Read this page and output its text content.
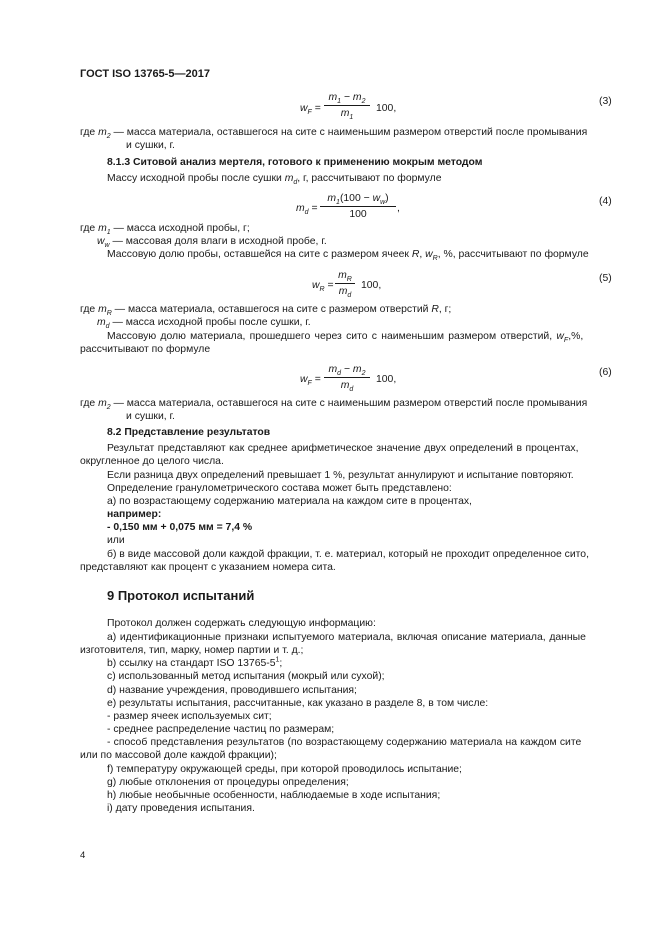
ГОСТ ISO 13765-5—2017
$w_F = \frac{m_1 - m_2}{m_1} 100$,
(3)
где $m_2$ — масса материала, оставшегося на сите с наименьшим размером отверстий после промывания
и сушки, г.
8.1.3 Ситовой анализ мертеля, готового к применению мокрым методом
Массу исходной пробы после сушки $m_d$, г, рассчитывают по формуле
$m_d = \frac{m_1(100 - w_w)}{100}$ ,
(4)
где $m_1$ — масса исходной пробы, г;
$w_w$ — массовая доля влаги в исходной пробе, г.
Массовую долю пробы, оставшейся на сите с размером ячеек R, $w_R$, %, рассчитывают по формуле
$w_R = \frac{m_R}{m_d} 100$,
(5)
где $m_R$ — масса материала, оставшегося на сите с размером отверстий R, г;
$m_d$ — масса исходной пробы после сушки, г.
Массовую долю материала, прошедшего через сито с наименьшим размером отверстий, $w_F,\%$,
рассчитывают по формуле
$w_F = \frac{m_d - m_2}{m_d} 100$,
(6)
где $m_2$ — масса материала, оставшегося на сите с наименьшим размером отверстий после промывания
и сушки, г.
8.2 Представление результатов
Результат представляют как среднее арифметическое значение двух определений в процентах,
округленное до целого числа.
Если разница двух определений превышает 1 %, результат аннулируют и испытание повторяют.
Определение гранулометрического состава может быть представлено:
а) по возрастающему содержанию материала на каждом сите в процентах,
например:
- 0,150 мм + 0,075 мм = 7,4 %
или
б) в виде массовой доли каждой фракции, т. е. материал, который не проходит определенное сито,
представляют как процент с указанием номера сита.
9 Протокол испытаний
Протокол должен содержать следующую информацию:
а) идентификационные признаки испытуемого материала, включая описание материала, данные
изготовителя, тип, марку, номер партии и т. д.;
b) ссылку на стандарт ISO $13765-5^1$;
c) использованный метод испытания (мокрый или сухой);
d) название учреждения, проводившего испытания;
е) результаты испытания, рассчитанные, как указано в разделе 8, в том числе:
- размер ячеек используемых сит;
- среднее распределение частиц по размерам;
- способ представления результатов (по возрастающему содержанию материала на каждом сите
или по массовой доле каждой фракции);
f) температуру окружающей среды, при которой проводилось испытание;
g) любые отклонения от процедуры определения;
h) любые необычные особенности, наблюдаемые в ходе испытания;
i) дату проведения испытания.
4
